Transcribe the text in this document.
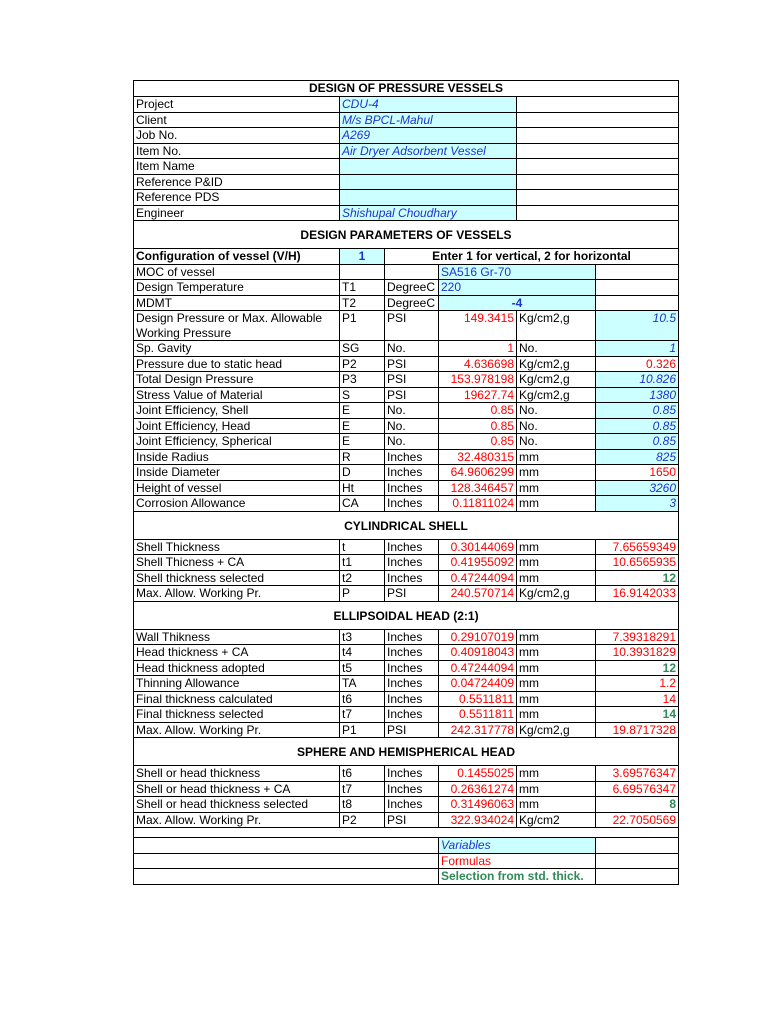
DESIGN OF PRESSURE VESSELS					
Project	CDU-4				
Client	M/s BPCL-Mahul				
Job No.	A269				
Item No.	Air Dryer Adsorbent Vessel				
Item Name					
Reference P&ID					
Reference PDS					
Engineer	Shishupal Choudhary				
DESIGN PARAMETERS OF VESSELS					
Configuration of vessel (V/H)	1	Enter 1 for vertical, 2 for horizontal			
MOC of vessel			SA516 Gr-70		
Design Temperature	T1	DegreeC	220		
MDMT	T2	DegreeC	-4		
Design Pressure or Max. Allowable Working Pressure	P1	PSI	149.3415	Kg/cm2,g	10.5
Sp. Gavity	SG	No.	1	No.	1
Pressure due to static head	P2	PSI	4.636698	Kg/cm2,g	0.326
Total Design Pressure	P3	PSI	153.978198	Kg/cm2,g	10.826
Stress Value of Material	S	PSI	19627.74	Kg/cm2,g	1380
Joint Efficiency, Shell	E	No.	0.85	No.	0.85
Joint Efficiency, Head	E	No.	0.85	No.	0.85
Joint Efficiency, Spherical	E	No.	0.85	No.	0.85
Inside Radius	R	Inches	32.480315	mm	825
Inside Diameter	D	Inches	64.9606299	mm	1650
Height of vessel	Ht	Inches	128.346457	mm	3260
Corrosion Allowance	CA	Inches	0.11811024	mm	3
CYLINDRICAL SHELL					
Shell Thickness	t	Inches	0.30144069	mm	7.65659349
Shell Thicness + CA	t1	Inches	0.41955092	mm	10.6565935
Shell thickness selected	t2	Inches	0.47244094	mm	12
Max. Allow. Working Pr.	P	PSI	240.570714	Kg/cm2,g	16.9142033
ELLIPSOIDAL HEAD (2:1)					
Wall Thikness	t3	Inches	0.29107019	mm	7.39318291
Head thickness + CA	t4	Inches	0.40918043	mm	10.3931829
Head thickness adopted	t5	Inches	0.47244094	mm	12
Thinning Allowance	TA	Inches	0.04724409	mm	1.2
Final thickness calculated	t6	Inches	0.5511811	mm	14
Final thickness selected	t7	Inches	0.5511811	mm	14
Max. Allow. Working Pr.	P1	PSI	242.317778	Kg/cm2,g	19.8717328
SPHERE AND HEMISPHERICAL HEAD					
Shell or head thickness	t6	Inches	0.1455025	mm	3.69576347
Shell or head thickness + CA	t7	Inches	0.26361274	mm	6.69576347
Shell or head thickness selected	t8	Inches	0.31496063	mm	8
Max. Allow. Working Pr.	P2	PSI	322.934024	Kg/cm2	22.7050569

			Variables		
			Formulas		
			Selection from std. thick.		
